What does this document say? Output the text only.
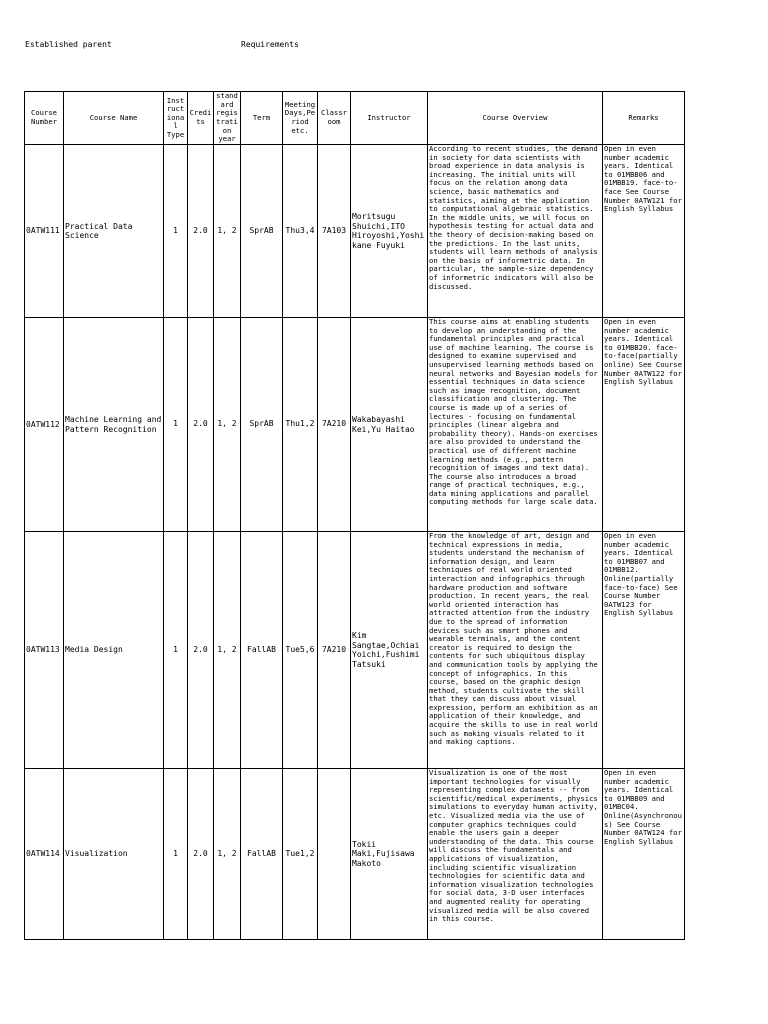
Established parent	Requirements
Course Number	Course Name	Instructional Type	Credits	standard registration year	Term	Meeting Days,Period etc.	Classroom	Instructor	Course Overview	Remarks
0ATW111	Practical Data Science	1	2.0	1, 2	SprAB	Thu3,4	7A103	Moritsugu Shuichi,ITO Hiroyoshi,Yoshikane Fuyuki	According to recent studies, the demand in society for data scientists with broad experience in data analysis is increasing. The initial units will focus on the relation among data science, basic mathematics and statistics, aiming at the application to computational algebraic statistics. In the middle units, we will focus on hypothesis testing for actual data and the theory of decision-making based on the predictions. In the last units, students will learn methods of analysis on the basis of informetric data. In particular, the sample-size dependency of informetric indicators will also be discussed.	Open in even number academic years. Identical to 01MBB06 and 01MBB19. face-to-face See Course Number 0ATW121 for English Syllabus
0ATW112	Machine Learning and Pattern Recognition	1	2.0	1, 2	SprAB	Thu1,2	7A210	Wakabayashi Kei,Yu Haitao	This course aims at enabling students to develop an understanding of the fundamental principles and practical use of machine learning. The course is designed to examine supervised and unsupervised learning methods based on neural networks and Bayesian models for essential techniques in data science such as image recognition, document classification and clustering. The course is made up of a series of lectures - focusing on fundamental principles (linear algebra and probability theory). Hands-on exercises are also provided to understand the practical use of different machine learning methods (e.g., pattern recognition of images and text data). The course also introduces a broad range of practical techniques, e.g., data mining applications and parallel computing methods for large scale data.	Open in even number academic years. Identical to 01MBB20. face-to-face(partially online) See Course Number 0ATW122 for English Syllabus
0ATW113	Media Design	1	2.0	1, 2	FallAB	Tue5,6	7A210	Kim Sangtae,Ochiai Yoichi,Fushimi Tatsuki	From the knowledge of art, design and technical expressions in media, students understand the mechanism of information design, and learn techniques of real world oriented interaction and infographics through hardware production and software production. In recent years, the real world oriented interaction has attracted attention from the industry due to the spread of information devices such as smart phones and wearable terminals, and the content creator is required to design the contents for such ubiquitous display and communication tools by applying the concept of infographics. In this course, based on the graphic design method, students cultivate the skill that they can discuss about visual expression, perform an exhibition as an application of their knowledge, and acquire the skills to use in real world such as making visuals related to it and making captions.	Open in even number academic years. Identical to 01MBB07 and 01MBB12. Online(partially face-to-face) See Course Number 0ATW123 for English Syllabus
0ATW114	Visualization	1	2.0	1, 2	FallAB	Tue1,2		Tokii Maki,Fujisawa Makoto	Visualization is one of the most important technologies for visually representing complex datasets -- from scientific/medical experiments, physics simulations to everyday human activity, etc. Visualized media via the use of computer graphics techniques could enable the users gain a deeper understanding of the data. This course will discuss the fundamentals and applications of visualization, including scientific visualization technologies for scientific data and information visualization technologies for social data, 3-D user interfaces and augmented reality for operating visualized media will be also covered in this course.	Open in even number academic years. Identical to 01MBB09 and 01MBC04. Online(Asynchronous) See Course Number 0ATW124 for English Syllabus
